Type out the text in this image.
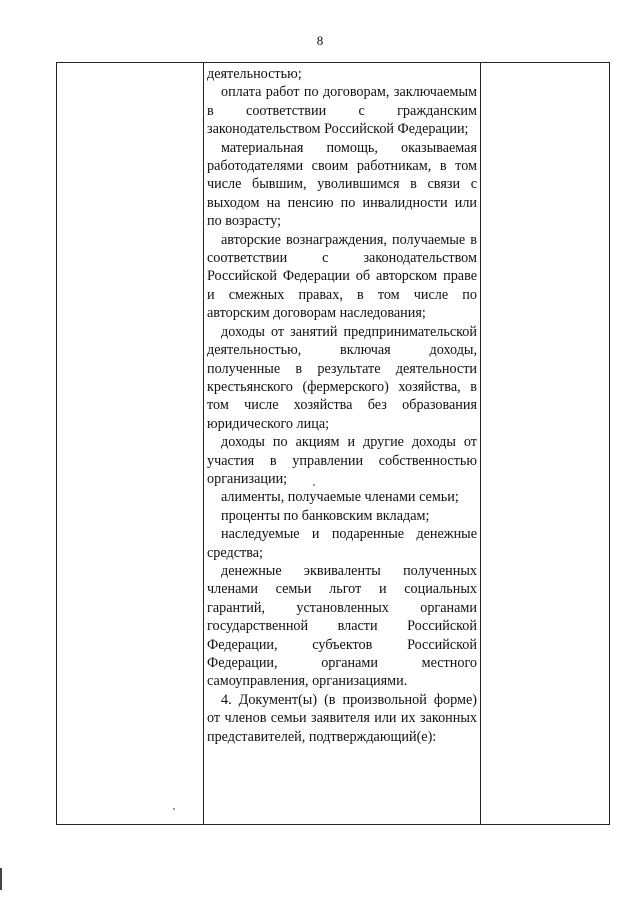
8

деятельностью;

оплата работ по договорам, заключаемым в соответствии с гражданским законодательством Российской Федерации;

материальная помощь, оказываемая работодателями своим работникам, в том числе бывшим, уволившимся в связи с выходом на пенсию по инвалидности или по возрасту;

авторские вознаграждения, получаемые в соответствии с законодательством Российской Федерации об авторском праве и смежных правах, в том числе по авторским договорам наследования;

доходы от занятий предпринимательской деятельностью, включая доходы, полученные в результате деятельности крестьянского (фермерского) хозяйства, в том числе хозяйства без образования юридического лица;

доходы по акциям и другие доходы от участия в управлении собственностью организации;

алименты, получаемые членами семьи;

проценты по банковским вкладам;

наследуемые и подаренные денежные средства;

денежные эквиваленты полученных членами семьи льгот и социальных гарантий, установленных органами государственной власти Российской Федерации, субъектов Российской Федерации, органами местного самоуправления, организациями.

4. Документ(ы) (в произвольной форме) от членов семьи заявителя или их законных представителей, подтверждающий(е):
